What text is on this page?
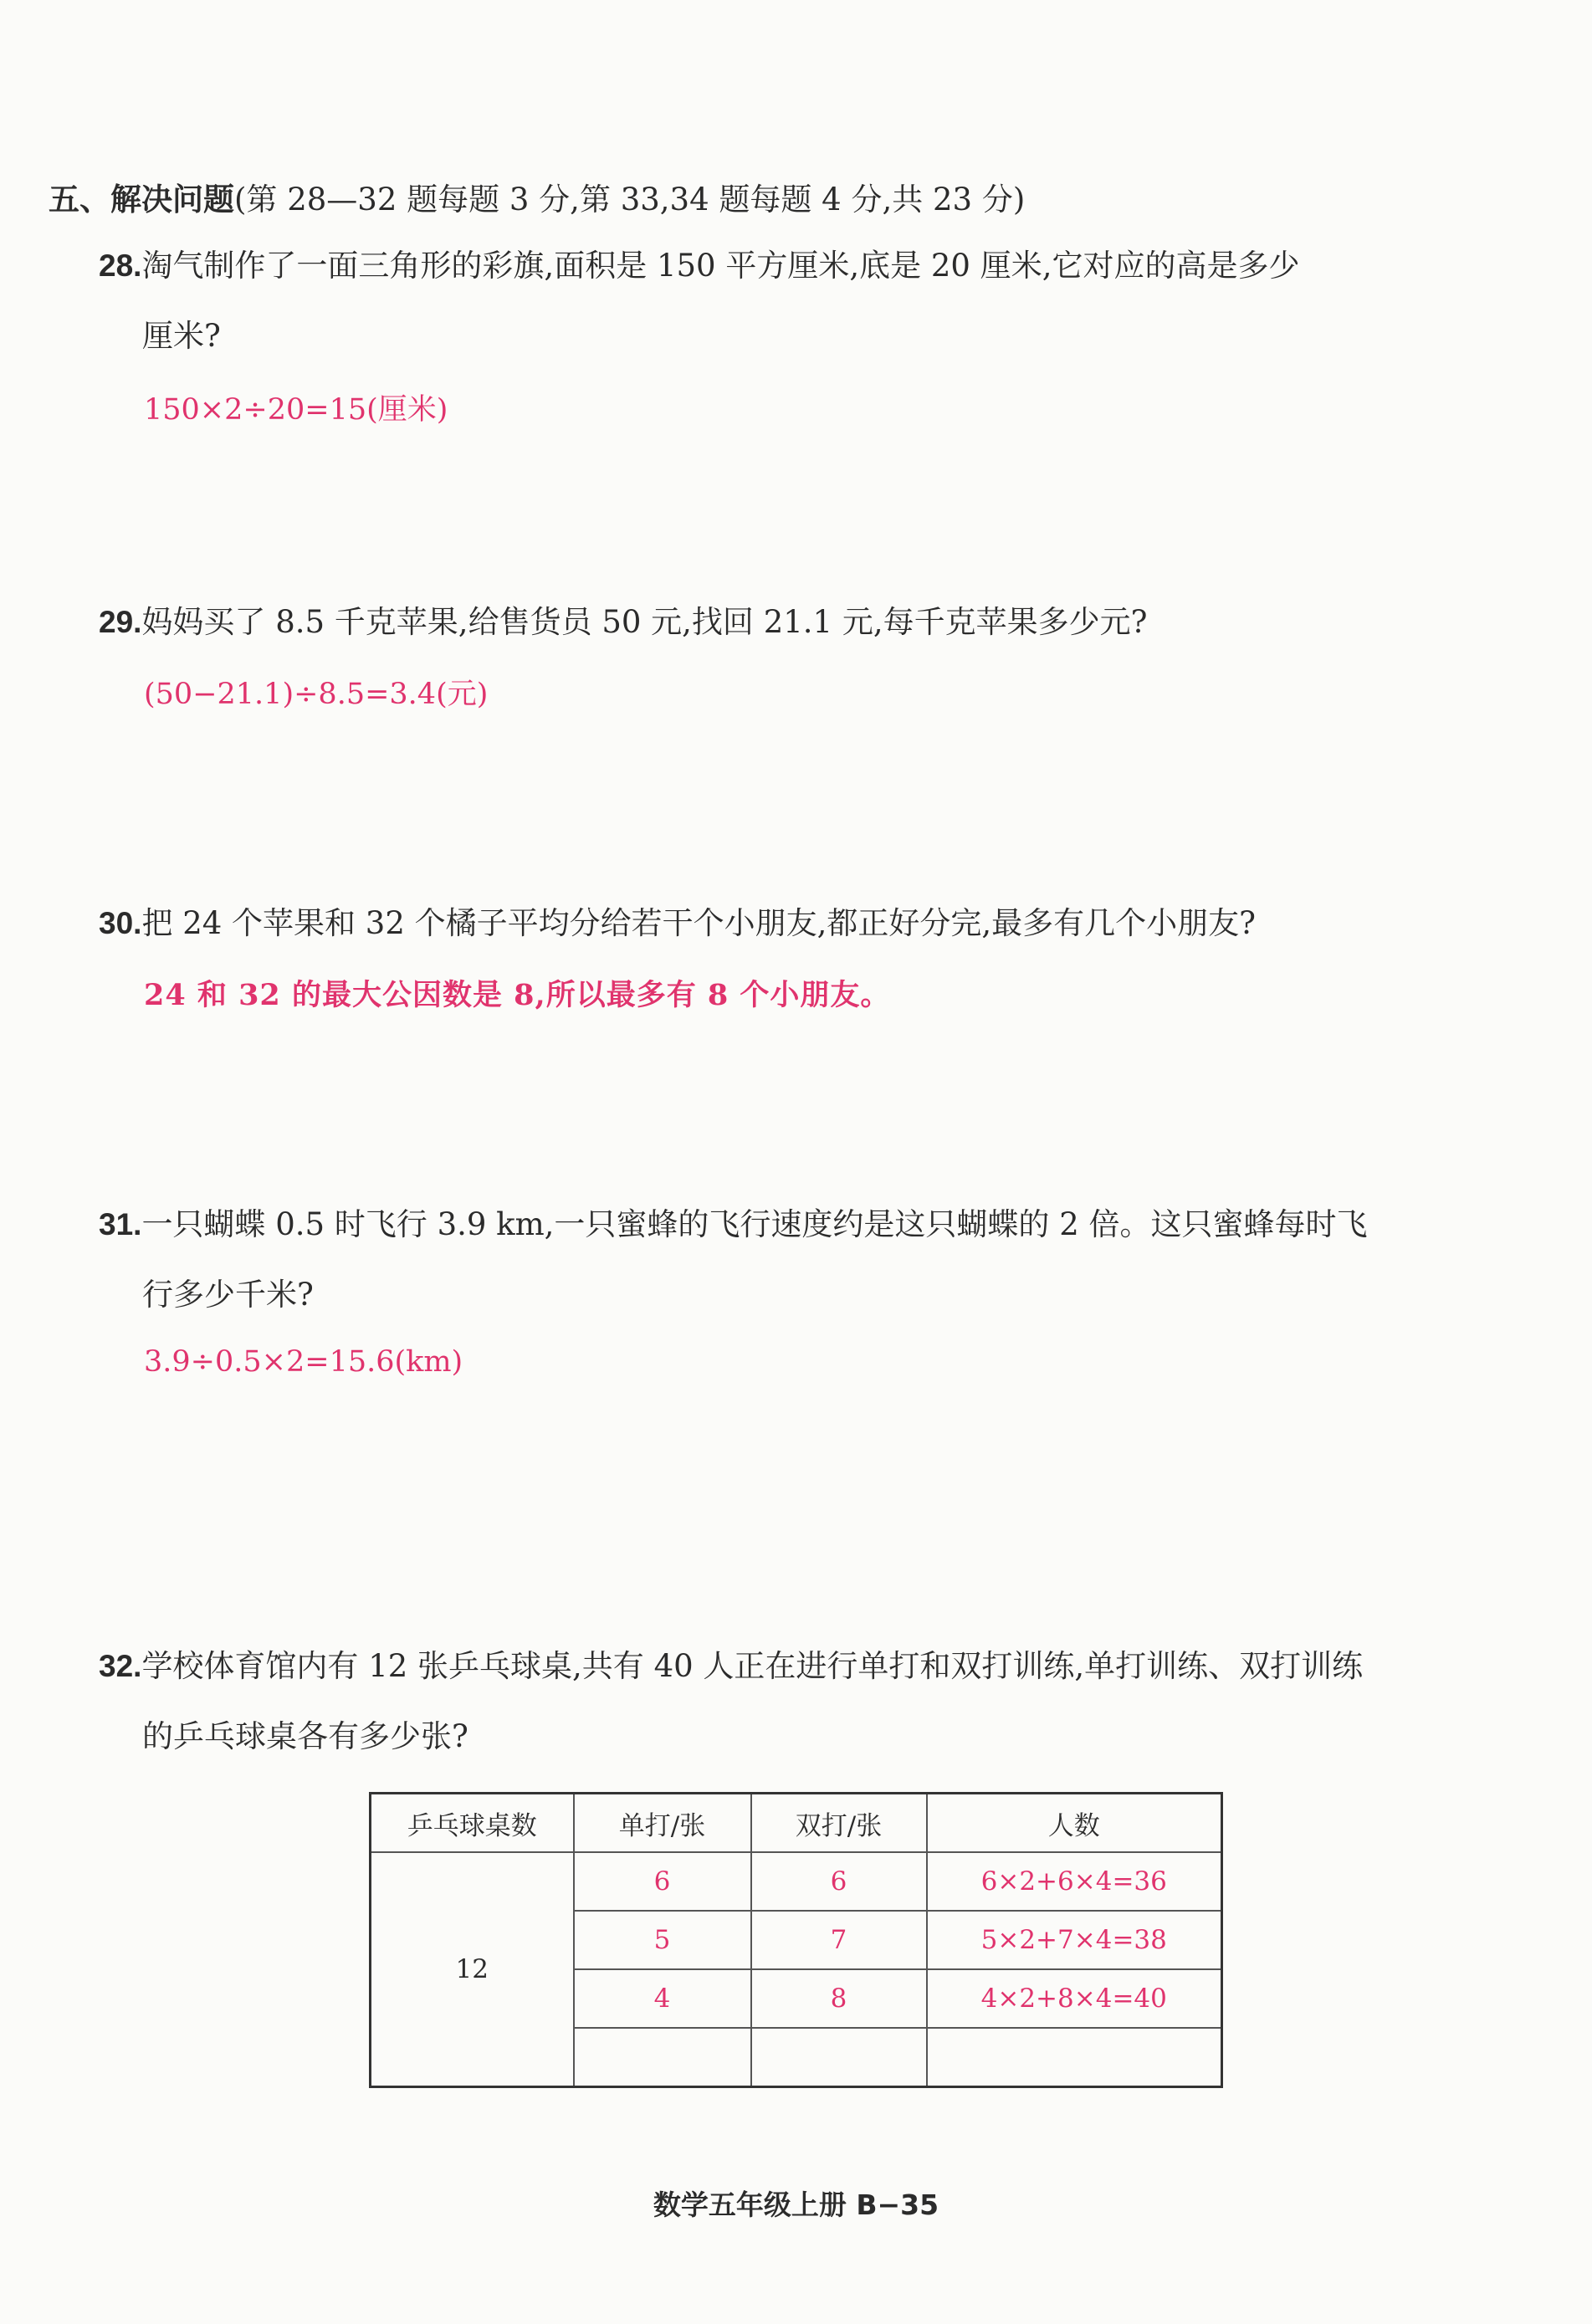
五、解决问题(第 28—32 题每题 3 分,第 33,34 题每题 4 分,共 23 分)
28.淘气制作了一面三角形的彩旗,面积是 150 平方厘米,底是 20 厘米,它对应的高是多少
厘米?
150×2÷20=15(厘米)
29.妈妈买了 8.5 千克苹果,给售货员 50 元,找回 21.1 元,每千克苹果多少元?
(50−21.1)÷8.5=3.4(元)
30.把 24 个苹果和 32 个橘子平均分给若干个小朋友,都正好分完,最多有几个小朋友?
24 和 32 的最大公因数是 8,所以最多有 8 个小朋友。
31.一只蝴蝶 0.5 时飞行 3.9 km,一只蜜蜂的飞行速度约是这只蝴蝶的 2 倍。这只蜜蜂每时飞
行多少千米?
3.9÷0.5×2=15.6(km)
32.学校体育馆内有 12 张乒乓球桌,共有 40 人正在进行单打和双打训练,单打训练、双打训练
的乒乓球桌各有多少张?
乒乓球桌数	单打/张	双打/张	人数
12	6	6	6×2+6×4=36
	5	7	5×2+7×4=38
	4	8	4×2+8×4=40

数学五年级上册 B−35
